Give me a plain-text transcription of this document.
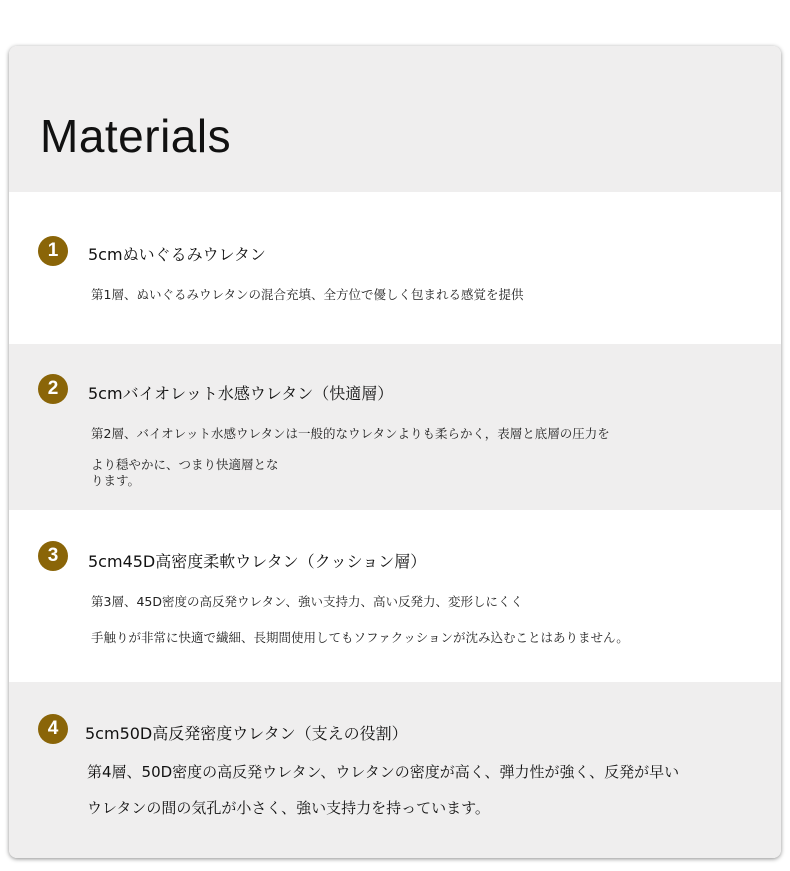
Materials
1	5cmぬいぐるみウレタン

第1層、ぬいぐるみウレタンの混合充填、全方位で優しく包まれる感覚を提供

2	5cmバイオレット水感ウレタン（快適層）

第2層、バイオレット水感ウレタンは一般的なウレタンよりも柔らかく，表層と底層の圧力を

より穏やかに、つまり快適層とな

ります。

3	5cm45D高密度柔軟ウレタン（クッション層）

第3層、45D密度の高反発ウレタン、強い支持力、高い反発力、変形しにくく

手触りが非常に快適で繊細、長期間使用してもソファクッションが沈み込むことはありません。

4	5cm50D高反発密度ウレタン（支えの役割）

第4層、50D密度の高反発ウレタン、ウレタンの密度が高く、弾力性が強く、反発が早い

ウレタンの間の気孔が小さく、強い支持力を持っています。
